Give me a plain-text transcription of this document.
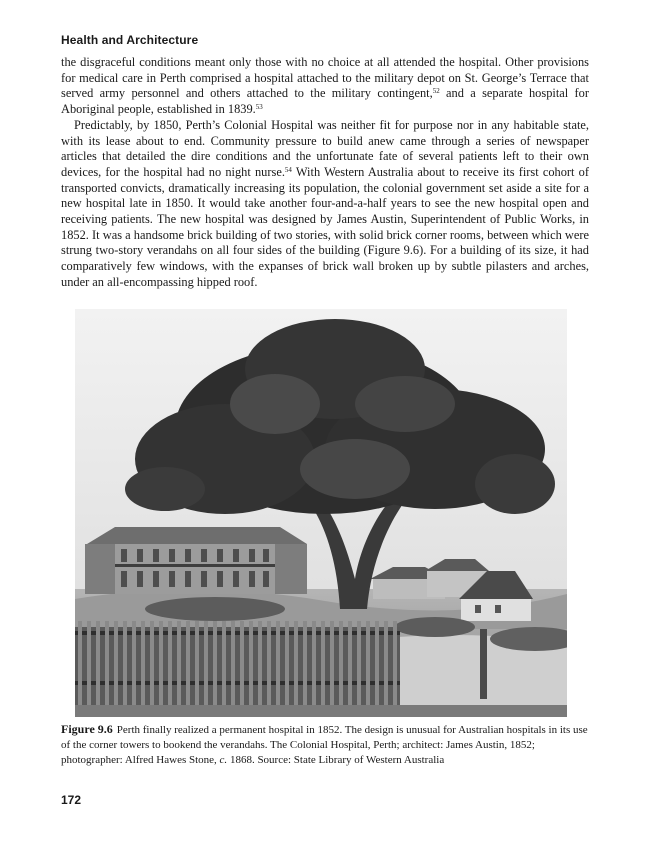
Health and Architecture

the disgraceful conditions meant only those with no choice at all attended the hospital. Other provisions for medical care in Perth comprised a hospital attached to the military depot on St. George’s Terrace that served army personnel and others attached to the military contingent,$^{52}$ and a separate hospital for Aboriginal people, established in 1839.53

Predictably, by 1850, Perth’s Colonial Hospital was neither fit for purpose nor in any habitable state, with its lease about to end. Community pressure to build anew came through a series of newspaper articles that detailed the dire conditions and the unfortunate fate of several patients left to their own devices, for the hospital had no night nurse.$^{54}$ With Western Australia about to receive its first cohort of transported convicts, dramatically increasing its population, the colonial government set aside a site for a new hospital late in 1850. It would take another four-and-a-half years to see the new hospital open and receiving patients. The new hospital was designed by James Austin, Superintendent of Public Works, in 1852. It was a handsome brick building of two stories, with solid brick corner rooms, between which were strung two-story verandahs on all four sides of the building (Figure 9.6). For a building of its size, it had comparatively few windows, with the expanses of brick wall broken up by subtle pilasters and arches, under an all-encompassing hipped roof.

Figure 9.6 Perth finally realized a permanent hospital in 1852. The design is unusual for Australian hospitals in its use of the corner towers to bookend the verandahs. The Colonial Hospital, Perth; architect: James Austin, 1852; photographer: Alfred Hawes Stone, c. 1868. Source: State Library of Western Australia
172
